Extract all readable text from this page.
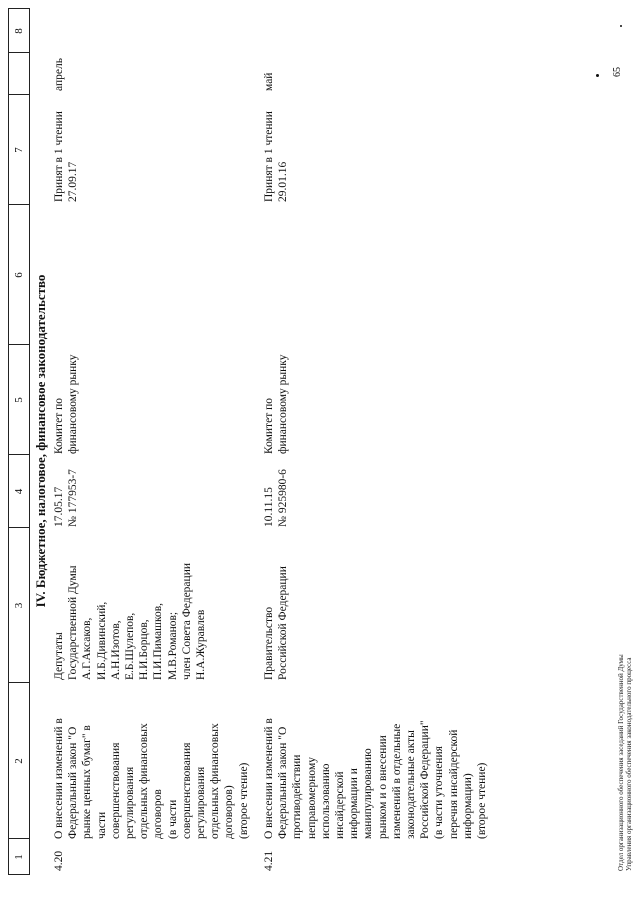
1
2
3
4
5
6
7
8
IV. Бюджетное, налоговое, финансовое законодательство
4.20
О внесении изменений в
Федеральный закон "О
рынке ценных бумаг" в
части
совершенствования
регулирования
отдельных финансовых
договоров
(в части
совершенствования
регулирования
отдельных финансовых
договоров)
(второе чтение)
Депутаты
Государственной Думы
А.Г.Аксаков,
И.Б.Дивинский,
А.Н.Изотов,
Е.Б.Шулепов,
Н.И.Борцов,
П.И.Пимашков,
М.В.Романов;
член Совета Федерации
Н.А.Журавлев
17.05.17
№ 177953-7
Комитет по
финансовому рынку
Принят в 1 чтении
27.09.17
апрель
4.21
О внесении изменений в
Федеральный закон "О
противодействии
неправомерному
использованию
инсайдерской
информации и
манипулированию
рынком и о внесении
изменений в отдельные
законодательные акты
Российской Федерации"
(в части уточнения
перечня инсайдерской
информации)
(второе чтение)
Правительство
Российской Федерации
10.11.15
№ 925980-6
Комитет по
финансовому рынку
Принят в 1 чтении
29.01.16
май
Отдел организационного обеспечения заседаний Государственной Думы Управления организационного обеспечения законодательного процесса
65
